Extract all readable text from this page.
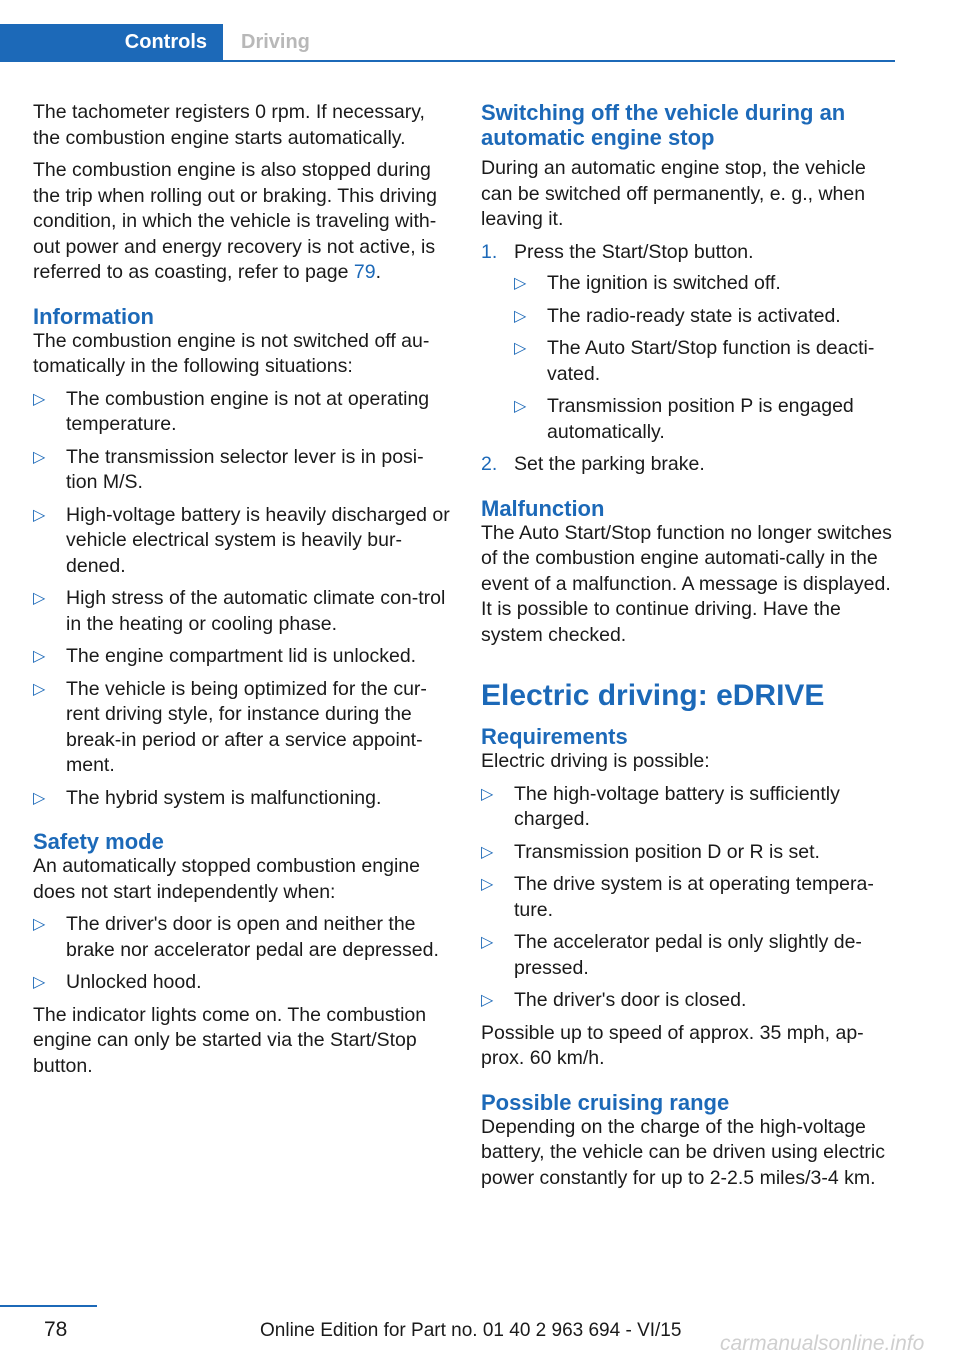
Controls	Driving

The tachometer registers 0 rpm. If necessary, the combustion engine starts automatically.

The combustion engine is also stopped during the trip when rolling out or braking. This driving condition, in which the vehicle is traveling with‐out power and energy recovery is not active, is referred to as coasting, refer to page 79.

Information

The combustion engine is not switched off au‐tomatically in the following situations:

▷ The combustion engine is not at operating temperature.
▷ The transmission selector lever is in posi‐tion M/S.
▷ High-voltage battery is heavily discharged or vehicle electrical system is heavily bur‐dened.
▷ High stress of the automatic climate con‐trol in the heating or cooling phase.
▷ The engine compartment lid is unlocked.
▷ The vehicle is being optimized for the cur‐rent driving style, for instance during the break-in period or after a service appoint‐ment.
▷ The hybrid system is malfunctioning.
Safety mode

An automatically stopped combustion engine does not start independently when:

▷ The driver's door is open and neither the brake nor accelerator pedal are depressed.
▷ Unlocked hood.

The indicator lights come on. The combustion engine can only be started via the Start/Stop button.

Switching off the vehicle during an automatic engine stop

During an automatic engine stop, the vehicle can be switched off permanently, e. g., when leaving it.

1. Press the Start/Stop button.
▷ The ignition is switched off.
▷ The radio-ready state is activated.
▷ The Auto Start/Stop function is deacti‐vated.
▷ Transmission position P is engaged automatically.
2. Set the parking brake.
Malfunction

The Auto Start/Stop function no longer switches of the combustion engine automati‐cally in the event of a malfunction. A message is displayed. It is possible to continue driving. Have the system checked.

Electric driving: eDRIVE
Requirements

Electric driving is possible:

▷ The high-voltage battery is sufficiently charged.
▷ Transmission position D or R is set.
▷ The drive system is at operating tempera‐ture.
▷ The accelerator pedal is only slightly de‐pressed.
▷ The driver's door is closed.

Possible up to speed of approx. 35 mph, ap‐prox. 60 km/h.

Possible cruising range

Depending on the charge of the high-voltage battery, the vehicle can be driven using electric power constantly for up to 2-2.5 miles/3-4 km.

78	Online Edition for Part no. 01 40 2 963 694 - VI/15
carmanualsonline.info
